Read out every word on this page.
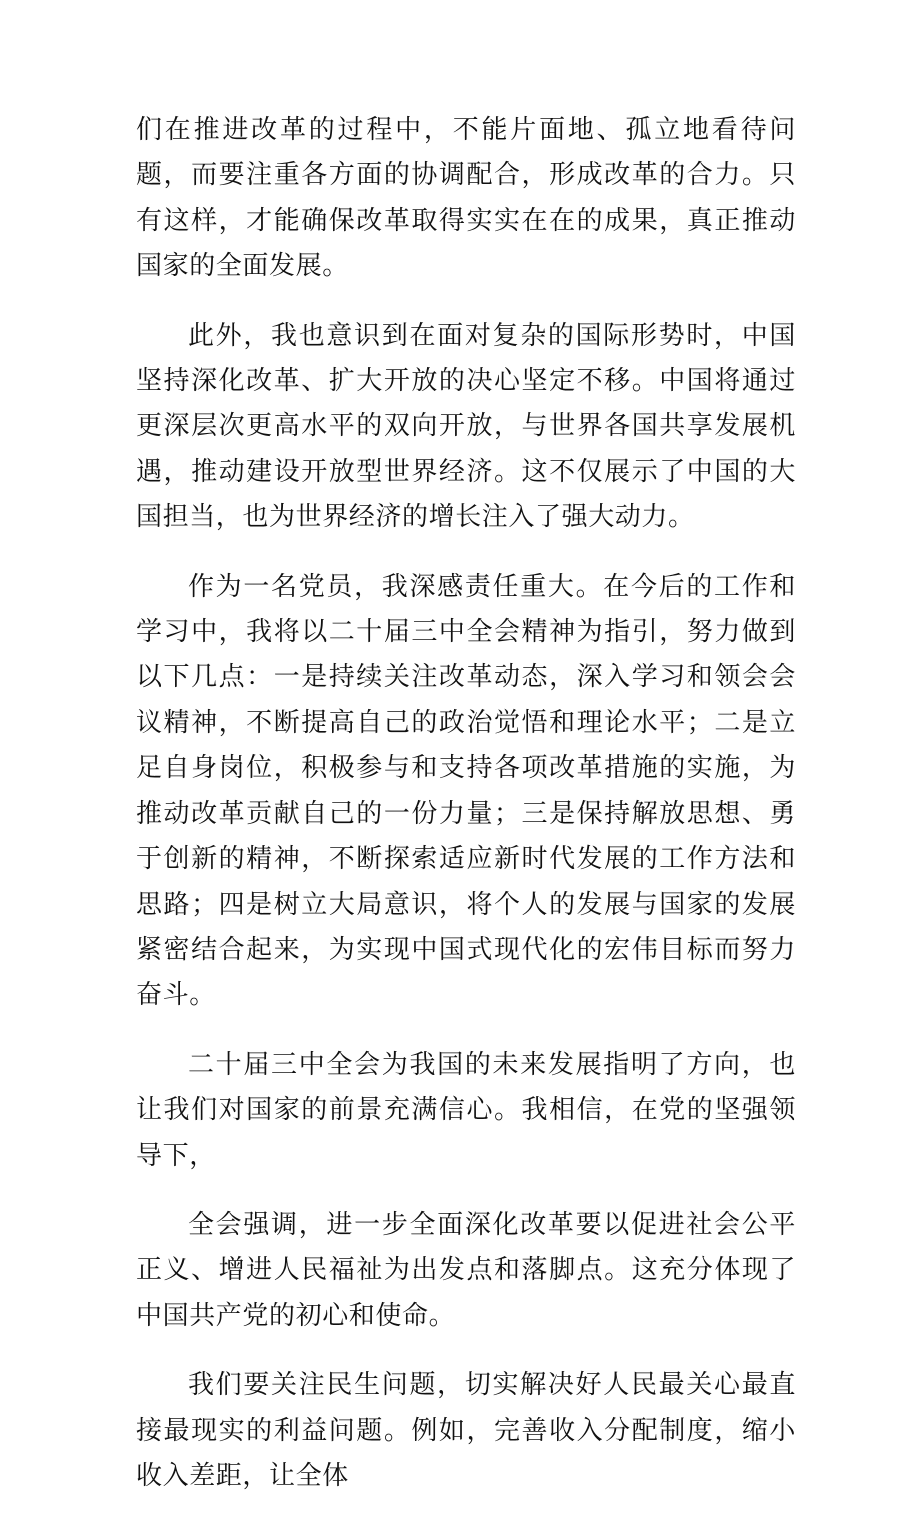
们在推进改革的过程中，不能片面地、孤立地看待问题，而要注重各方面的协调配合，形成改革的合力。只有这样，才能确保改革取得实实在在的成果，真正推动国家的全面发展。

此外，我也意识到在面对复杂的国际形势时，中国坚持深化改革、扩大开放的决心坚定不移。中国将通过更深层次更高水平的双向开放，与世界各国共享发展机遇，推动建设开放型世界经济。这不仅展示了中国的大国担当，也为世界经济的增长注入了强大动力。

作为一名党员，我深感责任重大。在今后的工作和学习中，我将以二十届三中全会精神为指引，努力做到以下几点：一是持续关注改革动态，深入学习和领会会议精神，不断提高自己的政治觉悟和理论水平；二是立足自身岗位，积极参与和支持各项改革措施的实施，为推动改革贡献自己的一份力量；三是保持解放思想、勇于创新的精神，不断探索适应新时代发展的工作方法和思路；四是树立大局意识，将个人的发展与国家的发展紧密结合起来，为实现中国式现代化的宏伟目标而努力奋斗。

二十届三中全会为我国的未来发展指明了方向，也让我们对国家的前景充满信心。我相信，在党的坚强领导下，

全会强调，进一步全面深化改革要以促进社会公平正义、增进人民福祉为出发点和落脚点。这充分体现了中国共产党的初心和使命。

我们要关注民生问题，切实解决好人民最关心最直接最现实的利益问题。例如，完善收入分配制度，缩小收入差距，让全体
